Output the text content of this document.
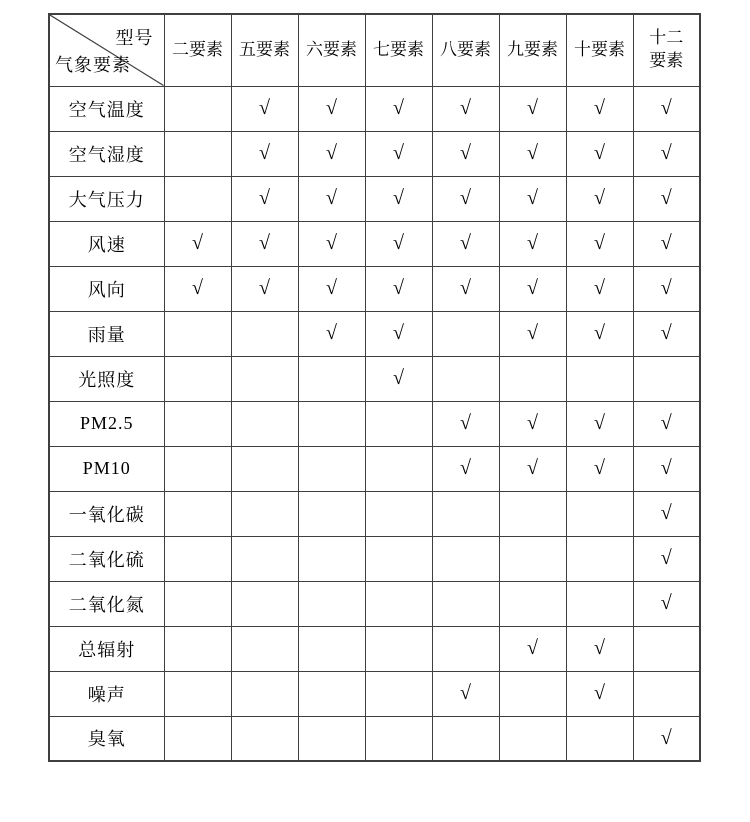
型号
气象要素	二要素	五要素	六要素	七要素	八要素	九要素	十要素	十二
要素
空气温度		√	√	√	√	√	√	√
空气湿度		√	√	√	√	√	√	√
大气压力		√	√	√	√	√	√	√
风速	√	√	√	√	√	√	√	√
风向	√	√	√	√	√	√	√	√
雨量			√	√		√	√	√
光照度				√				
PM2.5					√	√	√	√
PM10					√	√	√	√
一氧化碳								√
二氧化硫								√
二氧化氮								√
总辐射						√	√	
噪声					√		√	
臭氧								√
